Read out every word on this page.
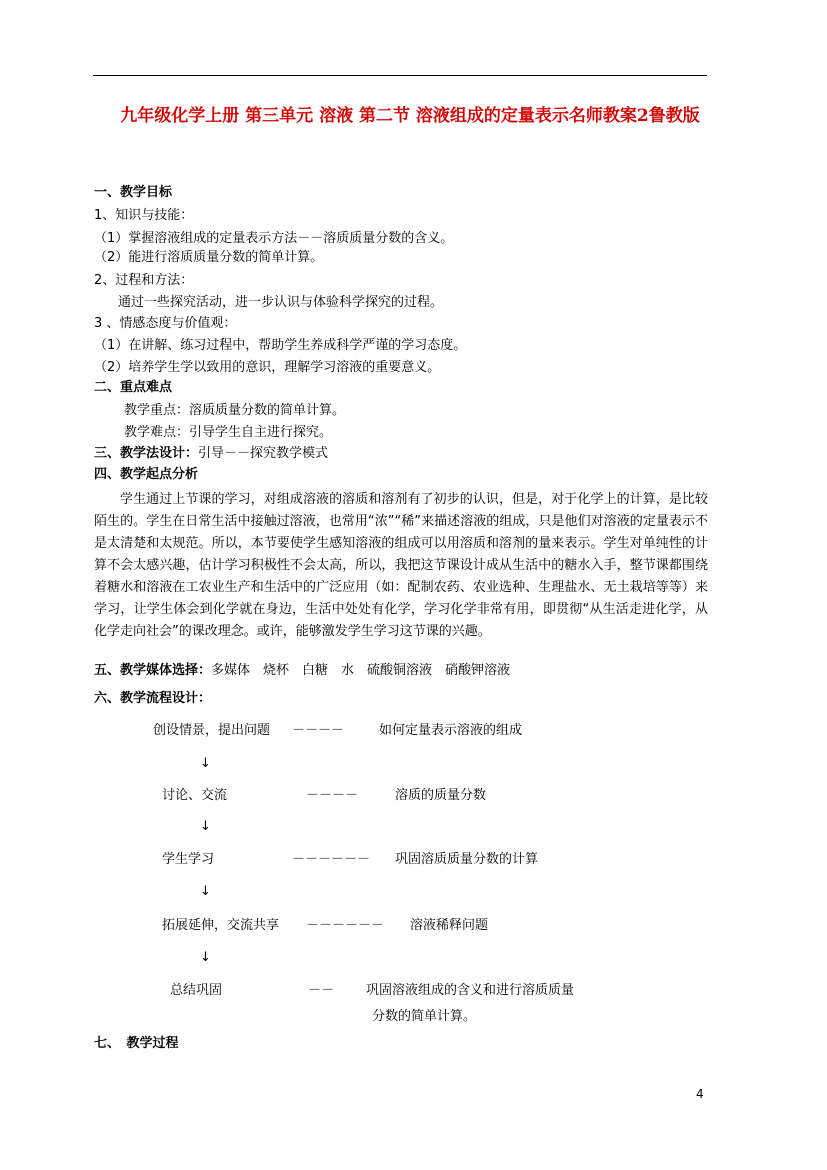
九年级化学上册 第三单元 溶液 第二节 溶液组成的定量表示名师教案2鲁教版
一、教学目标
1、知识与技能：
（1）掌握溶液组成的定量表示方法－－溶质质量分数的含义。
（2）能进行溶质质量分数的简单计算。
2、过程和方法：
通过一些探究活动，进一步认识与体验科学探究的过程。
3 、情感态度与价值观：
（1）在讲解、练习过程中，帮助学生养成科学严谨的学习态度。
（2）培养学生学以致用的意识，理解学习溶液的重要意义。
二、重点难点
教学重点：溶质质量分数的简单计算。
教学难点：引导学生自主进行探究。
三、教学法设计：引导－－探究教学模式
四、教学起点分析
学生通过上节课的学习，对组成溶液的溶质和溶剂有了初步的认识，但是，对于化学上的计算，是比较陌生的。学生在日常生活中接触过溶液，也常用“浓”“稀”来描述溶液的组成，只是他们对溶液的定量表示不是太清楚和太规范。所以，本节要使学生感知溶液的组成可以用溶质和溶剂的量来表示。学生对单纯性的计算不会太感兴趣，估计学习积极性不会太高，所以，我把这节课设计成从生活中的糖水入手，整节课都围绕着糖水和溶液在工农业生产和生活中的广泛应用（如：配制农药、农业选种、生理盐水、无土栽培等等）来学习，让学生体会到化学就在身边，生活中处处有化学，学习化学非常有用，即贯彻“从生活走进化学，从化学走向社会”的课改理念。或许，能够激发学生学习这节课的兴趣。
五、教学媒体选择：多媒体　烧杯　白糖　水　硫酸铜溶液　硝酸钾溶液
六、教学流程设计：
创设情景，提出问题 －－－－	如何定量表示溶液的组成
↓
讨论、交流	－－－－	溶质的质量分数
↓
学生学习	－－－－－－ 巩固溶质质量分数的计算
↓
拓展延伸，交流共享 －－－－－－ 溶液稀释问题
↓
总结巩固	－－ 巩固溶液组成的含义和进行溶质质量
分数的简单计算。
七、　教学过程
4
